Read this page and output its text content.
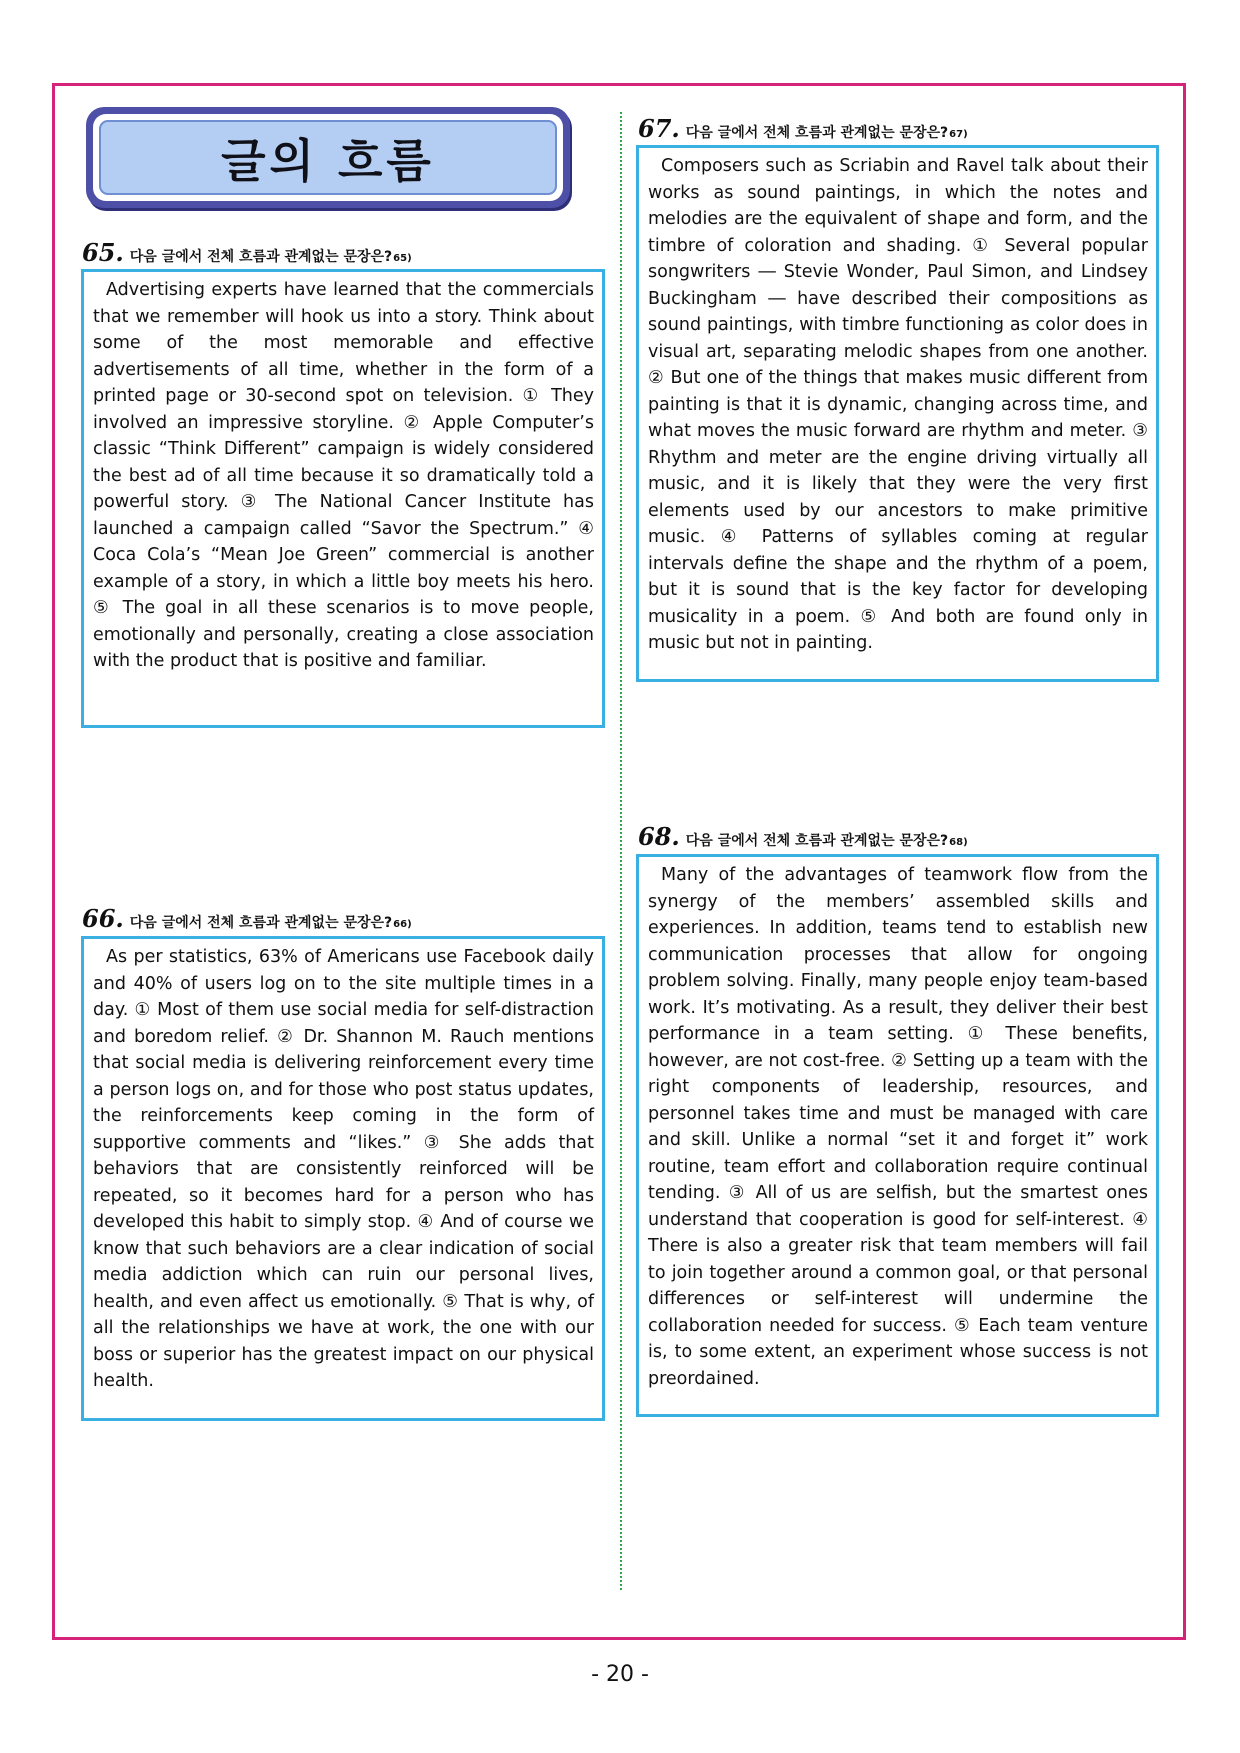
글의 흐름
65. 다음 글에서 전체 흐름과 관계없는 문장은? 65)

Advertising experts have learned that the commercials that we remember will hook us into a story. Think about some of the most memorable and effective advertisements of all time, whether in the form of a printed page or 30-second spot on television. ① They involved an impressive storyline. ② Apple Computer’s classic “Think Different” campaign is widely considered the best ad of all time because it so dramatically told a powerful story. ③ The National Cancer Institute has launched a campaign called “Savor the Spectrum.” ④ Coca Cola’s “Mean Joe Green” commercial is another example of a story, in which a little boy meets his hero. ⑤ The goal in all these scenarios is to move people, emotionally and personally, creating a close association with the product that is positive and familiar.

66. 다음 글에서 전체 흐름과 관계없는 문장은? 66)

As per statistics, 63% of Americans use Facebook daily and 40% of users log on to the site multiple times in a day. ① Most of them use social media for self-distraction and boredom relief. ② Dr. Shannon M. Rauch mentions that social media is delivering reinforcement every time a person logs on, and for those who post status updates, the reinforcements keep coming in the form of supportive comments and “likes.” ③ She adds that behaviors that are consistently reinforced will be repeated, so it becomes hard for a person who has developed this habit to simply stop. ④ And of course we know that such behaviors are a clear indication of social media addiction which can ruin our personal lives, health, and even affect us emotionally. ⑤ That is why, of all the relationships we have at work, the one with our boss or superior has the greatest impact on our physical health.

67. 다음 글에서 전체 흐름과 관계없는 문장은? 67)

Composers such as Scriabin and Ravel talk about their works as sound paintings, in which the notes and melodies are the equivalent of shape and form, and the timbre of coloration and shading. ① Several popular songwriters ― Stevie Wonder, Paul Simon, and Lindsey Buckingham ― have described their compositions as sound paintings, with timbre functioning as color does in visual art, separating melodic shapes from one another. ② But one of the things that makes music different from painting is that it is dynamic, changing across time, and what moves the music forward are rhythm and meter. ③ Rhythm and meter are the engine driving virtually all music, and it is likely that they were the very first elements used by our ancestors to make primitive music. ④ Patterns of syllables coming at regular intervals define the shape and the rhythm of a poem, but it is sound that is the key factor for developing musicality in a poem. ⑤ And both are found only in music but not in painting.

68. 다음 글에서 전체 흐름과 관계없는 문장은? 68)

Many of the advantages of teamwork flow from the synergy of the members’ assembled skills and experiences. In addition, teams tend to establish new communication processes that allow for ongoing problem solving. Finally, many people enjoy team-based work. It’s motivating. As a result, they deliver their best performance in a team setting. ① These benefits, however, are not cost-free. ② Setting up a team with the right components of leadership, resources, and personnel takes time and must be managed with care and skill. Unlike a normal “set it and forget it” work routine, team effort and collaboration require continual tending. ③ All of us are selfish, but the smartest ones understand that cooperation is good for self-interest. ④ There is also a greater risk that team members will fail to join together around a common goal, or that personal differences or self-interest will undermine the collaboration needed for success. ⑤ Each team venture is, to some extent, an experiment whose success is not preordained.

- 20 -
